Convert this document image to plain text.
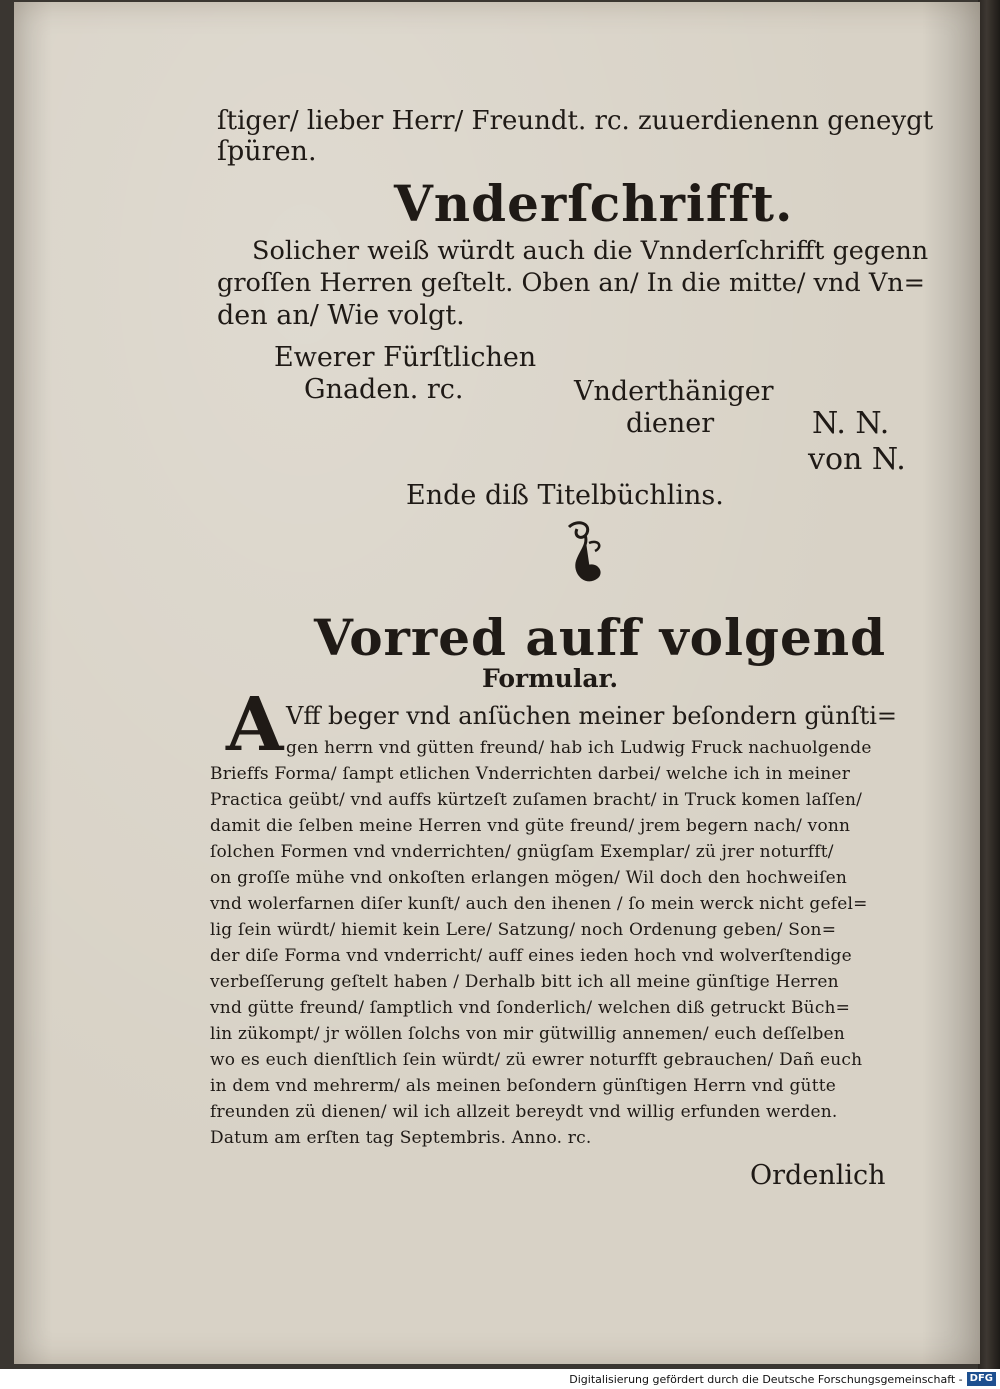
ſtiger/ lieber Herr/ Freundt. rc. zuuerdienenn geneygt
ſpüren.
Vnderſchrifft.
Solicher weiß würdt auch die Vnnderſchrifft gegenn
groſſen Herren geſtelt. Oben an/ In die mitte/ vnd Vn=
den an/ Wie volgt.
Ewerer Fürſtlichen
Gnaden. rc.	Vnderthäniger
diener	N. N.
von N.
Ende diß Titelbüchlins.
Vorred auff volgend
Formular.
A Vff beger vnd anſüchen meiner beſondern günſti=
gen herrn vnd gütten freund/ hab ich Ludwig Fruck nachuolgende
Brieffs Forma/ ſampt etlichen Vnderrichten darbei/ welche ich in meiner
Practica geübt/ vnd auffs kürtzeſt zuſamen bracht/ in Truck komen laſſen/
damit die ſelben meine Herren vnd güte freund/ jrem begern nach/ vonn
ſolchen Formen vnd vnderrichten/ gnügſam Exemplar/ zü jrer noturfft/
on groſſe mühe vnd onkoſten erlangen mögen/ Wil doch den hochweiſen
vnd wolerfarnen diſer kunſt/ auch den ihenen / ſo mein werck nicht gefel=
lig ſein würdt/ hiemit kein Lere/ Satzung/ noch Ordenung geben/ Son=
der diſe Forma vnd vnderricht/ auff eines ieden hoch vnd wolverſtendige
verbeſſerung geſtelt haben / Derhalb bitt ich all meine günſtige Herren
vnd gütte freund/ ſamptlich vnd ſonderlich/ welchen diß getruckt Büch=
lin zükompt/ jr wöllen ſolchs von mir gütwillig annemen/ euch deſſelben
wo es euch dienſtlich ſein würdt/ zü ewrer noturfft gebrauchen/ Dañ euch
in dem vnd mehrerm/ als meinen beſondern günſtigen Herrn vnd gütte
freunden zü dienen/ wil ich allzeit bereydt vnd willig erfunden werden.
Datum am erſten tag Septembris. Anno. rc.
Ordenlich
Digitalisierung gefördert durch die Deutsche Forschungsgemeinschaft - DFG
